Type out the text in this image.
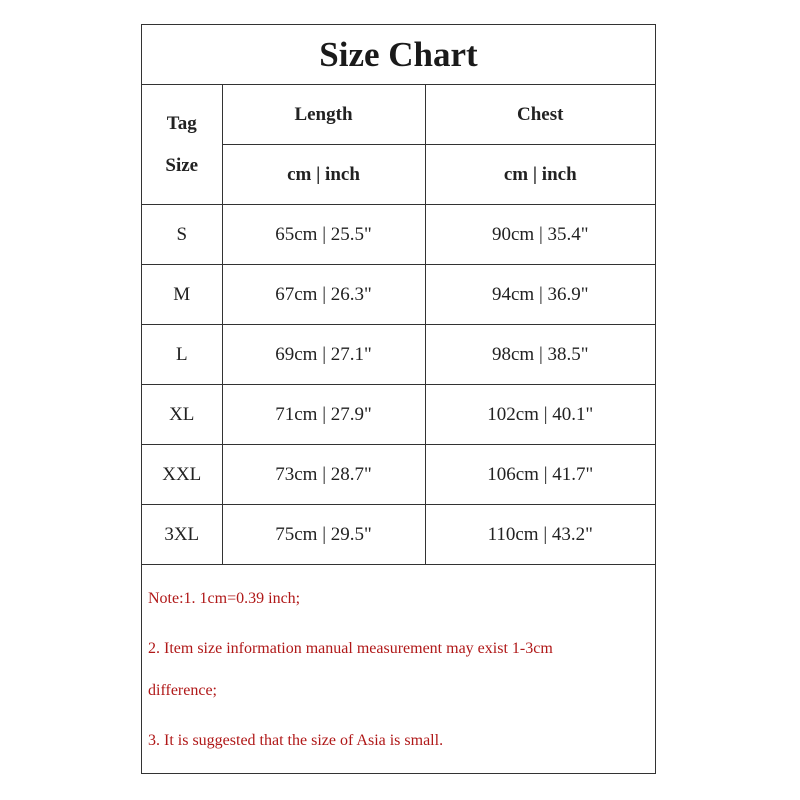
Size Chart
Tag
Size	Length	Chest
	cm | inch	cm | inch
S	65cm | 25.5"	90cm | 35.4"
M	67cm | 26.3"	94cm | 36.9"
L	69cm | 27.1"	98cm | 38.5"
XL	71cm | 27.9"	102cm | 40.1"
XXL	73cm | 28.7"	106cm | 41.7"
3XL	75cm | 29.5"	110cm | 43.2"
Note:1. 1cm=0.39 inch;
2. Item size information manual measurement may exist 1-3cm
difference;
3. It is suggested that the size of Asia is small.
